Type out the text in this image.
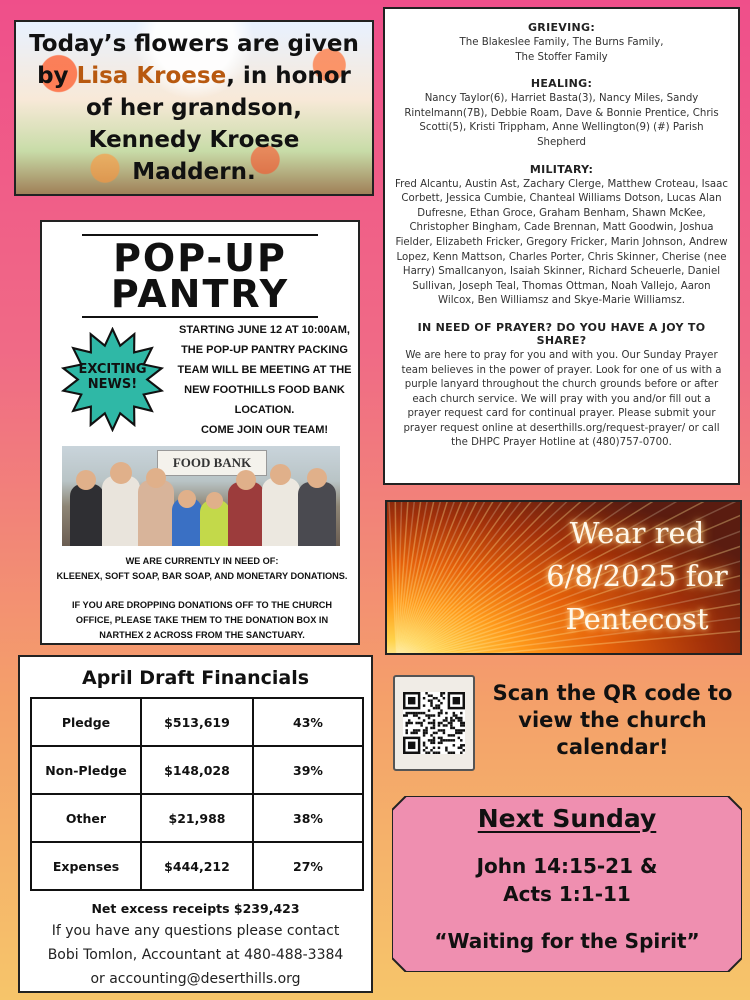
Today’s flowers are given by Lisa Kroese, in honor of her grandson, Kennedy Kroese Maddern.
GRIEVING:

The Blakeslee Family, The Burns Family, The Stoffer Family

HEALING:

Nancy Taylor(6), Harriet Basta(3), Nancy Miles, Sandy Rintelmann(7B), Debbie Roam, Dave & Bonnie Prentice, Chris Scotti(5), Kristi Trippham, Anne Wellington(9) (#) Parish Shepherd

MILITARY:

Fred Alcantu, Austin Ast, Zachary Clerge, Matthew Croteau, Isaac Corbett, Jessica Cumbie, Chanteal Williams Dotson, Lucas Alan Dufresne, Ethan Groce, Graham Benham, Shawn McKee, Christopher Bingham, Cade Brennan, Matt Goodwin, Joshua Fielder, Elizabeth Fricker, Gregory Fricker, Marin Johnson, Andrew Lopez, Kenn Mattson, Charles Porter, Chris Skinner, Cherise (nee Harry) Smallcanyon, Isaiah Skinner, Richard Scheuerle, Daniel Sullivan, Joseph Teal, Thomas Ottman, Noah Vallejo, Aaron Wilcox, Ben Williamsz and Skye-Marie Williamsz.

IN NEED OF PRAYER? DO YOU HAVE A JOY TO SHARE?

We are here to pray for you and with you. Our Sunday Prayer team believes in the power of prayer. Look for one of us with a purple lanyard throughout the church grounds before or after each church service. We will pray with you and/or fill out a prayer request card for continual prayer. Please submit your prayer request online at deserthills.org/request-prayer/ or call the DHPC Prayer Hotline at (480)757-0700.

POP-UP PANTRY
EXCITING NEWS!
STARTING JUNE 12 AT 10:00AM, THE POP-UP PANTRY PACKING TEAM WILL BE MEETING AT THE NEW FOOTHILLS FOOD BANK LOCATION.
COME JOIN OUR TEAM!
FOOD BANK
WE ARE CURRENTLY IN NEED OF:
KLEENEX, SOFT SOAP, BAR SOAP, AND MONETARY DONATIONS.
IF YOU ARE DROPPING DONATIONS OFF TO THE CHURCH OFFICE, PLEASE TAKE THEM TO THE DONATION BOX IN NARTHEX 2 ACROSS FROM THE SANCTUARY.
Wear red
6/8/2025 for
Pentecost
April Draft Financials
Pledge	$513,619	43%
Non-Pledge	$148,028	39%
Other	$21,988	38%
Expenses	$444,212	27%
Net excess receipts $239,423
If you have any questions please contact
Bobi Tomlon, Accountant at 480-488-3384
or accounting@deserthills.org
Scan the QR code to view the church calendar!
Next Sunday
John 14:15-21 &
Acts 1:1-11
“Waiting for the Spirit”
